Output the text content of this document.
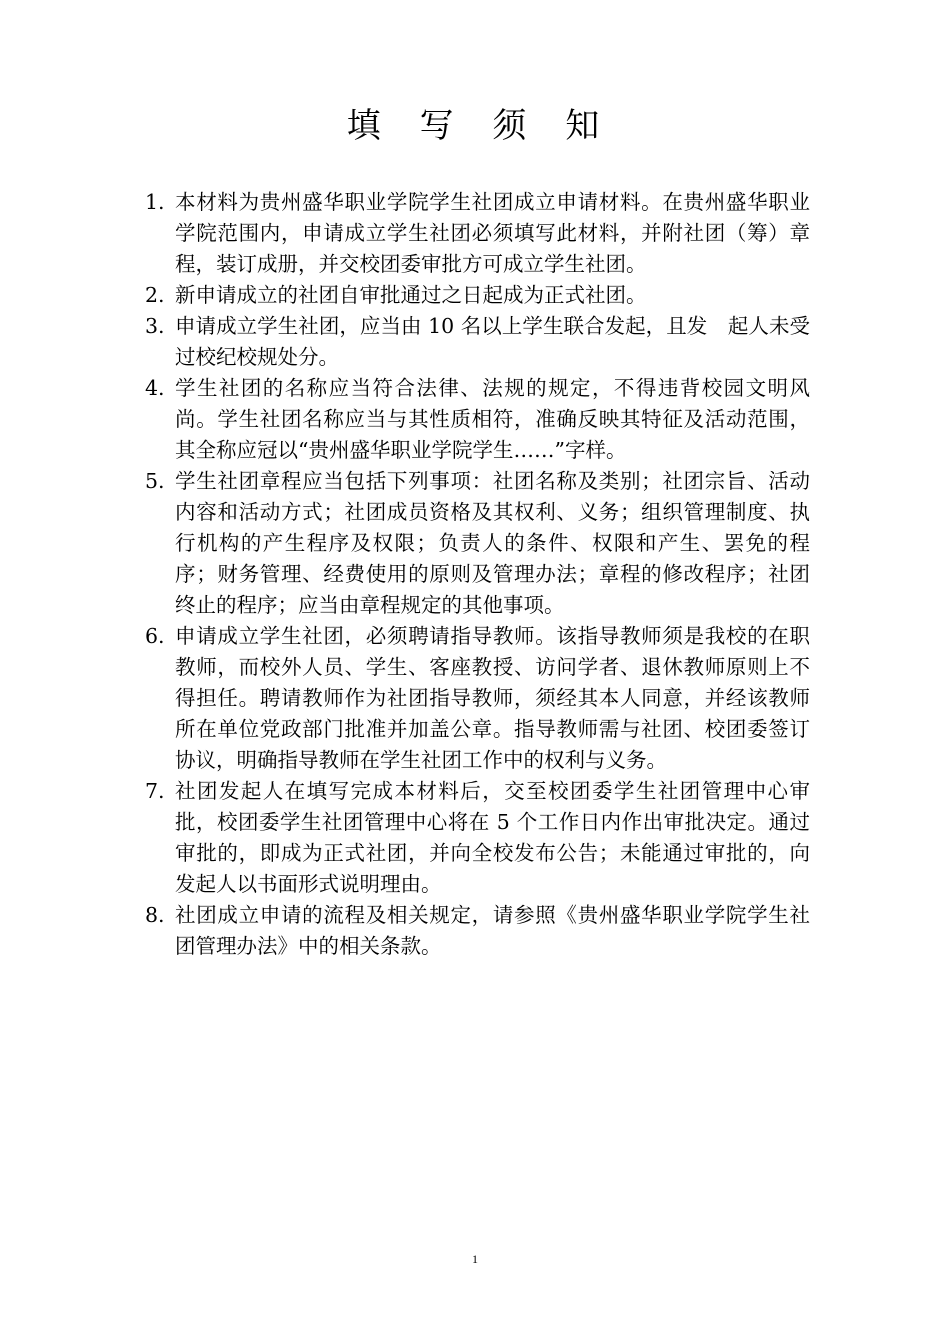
填 写 须 知
1. 本材料为贵州盛华职业学院学生社团成立申请材料。在贵州盛华职业学院范围内，申请成立学生社团必须填写此材料，并附社团（筹）章程，装订成册，并交校团委审批方可成立学生社团。
2. 新申请成立的社团自审批通过之日起成为正式社团。
3. 申请成立学生社团，应当由 10 名以上学生联合发起，且发　起人未受过校纪校规处分。
4. 学生社团的名称应当符合法律、法规的规定，不得违背校园文明风尚。学生社团名称应当与其性质相符，准确反映其特征及活动范围，其全称应冠以“贵州盛华职业学院学生……”字样。
5. 学生社团章程应当包括下列事项：社团名称及类别；社团宗旨、活动内容和活动方式；社团成员资格及其权利、义务；组织管理制度、执行机构的产生程序及权限；负责人的条件、权限和产生、罢免的程序；财务管理、经费使用的原则及管理办法；章程的修改程序；社团终止的程序；应当由章程规定的其他事项。
6. 申请成立学生社团，必须聘请指导教师。该指导教师须是我校的在职教师，而校外人员、学生、客座教授、访问学者、退休教师原则上不得担任。聘请教师作为社团指导教师，须经其本人同意，并经该教师所在单位党政部门批准并加盖公章。指导教师需与社团、校团委签订协议，明确指导教师在学生社团工作中的权利与义务。
7. 社团发起人在填写完成本材料后，交至校团委学生社团管理中心审批，校团委学生社团管理中心将在 5 个工作日内作出审批决定。通过审批的，即成为正式社团，并向全校发布公告；未能通过审批的，向发起人以书面形式说明理由。
8. 社团成立申请的流程及相关规定，请参照《贵州盛华职业学院学生社团管理办法》中的相关条款。
1
